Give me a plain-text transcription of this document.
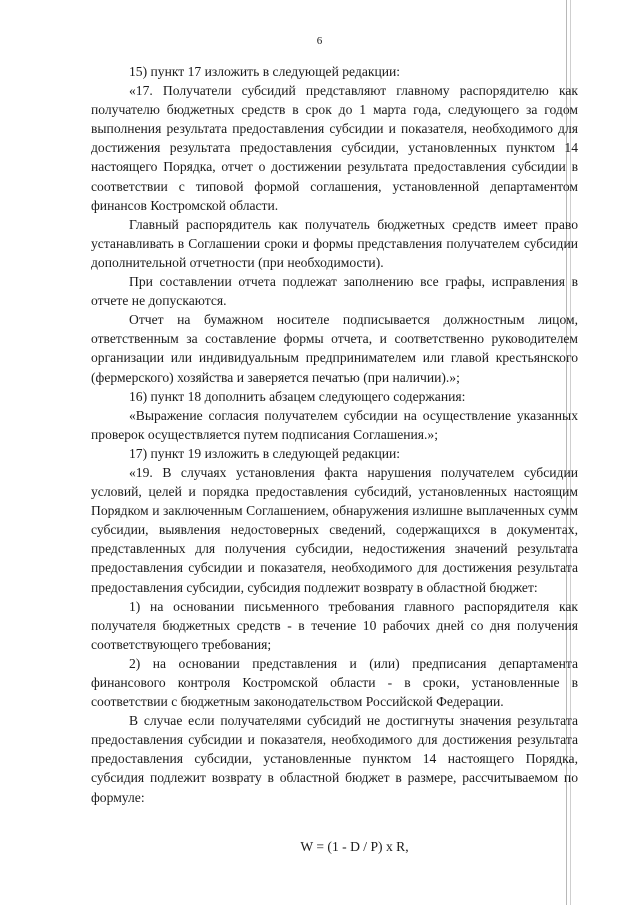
6

15) пункт 17 изложить в следующей редакции:

«17. Получатели субсидий представляют главному распорядителю как получателю бюджетных средств в срок до 1 марта года, следующего за годом выполнения результата предоставления субсидии и показателя, необходимого для достижения результата предоставления субсидии, установленных пунктом 14 настоящего Порядка, отчет о достижении результата предоставления субсидии в соответствии с типовой формой соглашения, установленной департаментом финансов Костромской области.

Главный распорядитель как получатель бюджетных средств имеет право устанавливать в Соглашении сроки и формы представления получателем субсидии дополнительной отчетности (при необходимости).

При составлении отчета подлежат заполнению все графы, исправления в отчете не допускаются.

Отчет на бумажном носителе подписывается должностным лицом, ответственным за составление формы отчета, и соответственно руководителем организации или индивидуальным предпринимателем или главой крестьянского (фермерского) хозяйства и заверяется печатью (при наличии).»;

16) пункт 18 дополнить абзацем следующего содержания:

«Выражение согласия получателем субсидии на осуществление указанных проверок осуществляется путем подписания Соглашения.»;

17) пункт 19 изложить в следующей редакции:

«19. В случаях установления факта нарушения получателем субсидии условий, целей и порядка предоставления субсидий, установленных настоящим Порядком и заключенным Соглашением, обнаружения излишне выплаченных сумм субсидии, выявления недостоверных сведений, содержащихся в документах, представленных для получения субсидии, недостижения значений результата предоставления субсидии и показателя, необходимого для достижения результата предоставления субсидии, субсидия подлежит возврату в областной бюджет:

1) на основании письменного требования главного распорядителя как получателя бюджетных средств - в течение 10 рабочих дней со дня получения соответствующего требования;

2) на основании представления и (или) предписания департамента финансового контроля Костромской области - в сроки, установленные в соответствии с бюджетным законодательством Российской Федерации.

В случае если получателями субсидий не достигнуты значения результата предоставления субсидии и показателя, необходимого для достижения результата предоставления субсидии, установленные пунктом 14 настоящего Порядка, субсидия подлежит возврату в областной бюджет в размере, рассчитываемом по формуле:

W = (1 - D / P) x R,
